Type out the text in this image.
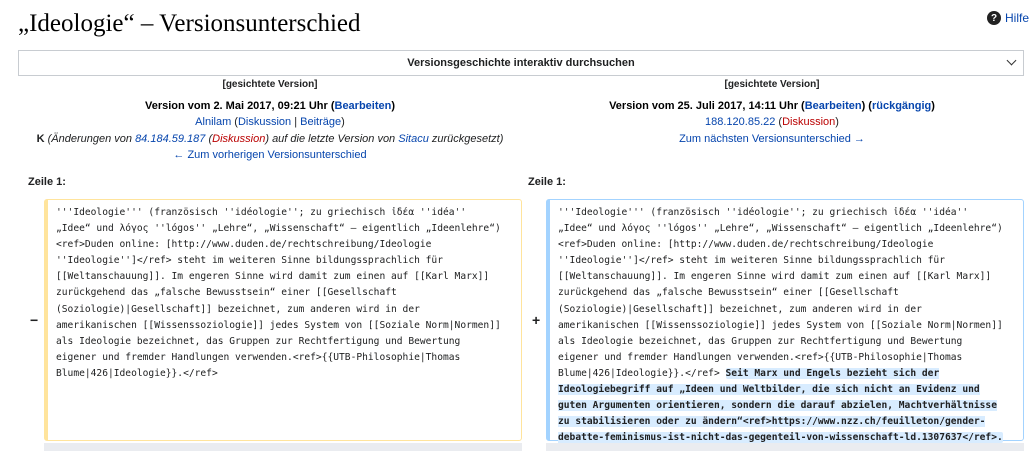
„Ideologie“ – Versionsunterschied	? Hilfe
Versionsgeschichte interaktiv durchsuchen
[gesichtete Version]
Version vom 2. Mai 2017, 09:21 Uhr (Bearbeiten)
Alnilam (Diskussion | Beiträge)
K (Änderungen von 84.184.59.187 (Diskussion) auf die letzte Version von Sitacu zurückgesetzt)
← Zum vorherigen Versionsunterschied
[gesichtete Version]
Version vom 25. Juli 2017, 14:11 Uhr (Bearbeiten) (rückgängig)
188.120.85.22 (Diskussion)
Zum nächsten Versionsunterschied →
Zeile 1:	Zeile 1:
−	+
'''Ideologie''' (französisch ''idéologie''; zu griechisch ἰδέα ''idéa''
„Idee“ und λόγος ''lógos'' „Lehre“, „Wissenschaft“ – eigentlich „Ideenlehre“)
<ref>Duden online: [http://www.duden.de/rechtschreibung/Ideologie
''Ideologie'']</ref> steht im weiteren Sinne bildungssprachlich für
[[Weltanschauung]]. Im engeren Sinne wird damit zum einen auf [[Karl Marx]]
zurückgehend das „falsche Bewusstsein“ einer [[Gesellschaft
(Soziologie)|Gesellschaft]] bezeichnet, zum anderen wird in der
amerikanischen [[Wissenssoziologie]] jedes System von [[Soziale Norm|Normen]]
als Ideologie bezeichnet, das Gruppen zur Rechtfertigung und Bewertung
eigener und fremder Handlungen verwenden.<ref>{{UTB-Philosophie|Thomas
Blume|426|Ideologie}}.</ref>
'''Ideologie''' (französisch ''idéologie''; zu griechisch ἰδέα ''idéa''
„Idee“ und λόγος ''lógos'' „Lehre“, „Wissenschaft“ – eigentlich „Ideenlehre“)
<ref>Duden online: [http://www.duden.de/rechtschreibung/Ideologie
''Ideologie'']</ref> steht im weiteren Sinne bildungssprachlich für
[[Weltanschauung]]. Im engeren Sinne wird damit zum einen auf [[Karl Marx]]
zurückgehend das „falsche Bewusstsein“ einer [[Gesellschaft
(Soziologie)|Gesellschaft]] bezeichnet, zum anderen wird in der
amerikanischen [[Wissenssoziologie]] jedes System von [[Soziale Norm|Normen]]
als Ideologie bezeichnet, das Gruppen zur Rechtfertigung und Bewertung
eigener und fremder Handlungen verwenden.<ref>{{UTB-Philosophie|Thomas
Blume|426|Ideologie}}.</ref> Seit Marx und Engels bezieht sich der
Ideologiebegriff auf „Ideen und Weltbilder, die sich nicht an Evidenz und
guten Argumenten orientieren, sondern die darauf abzielen, Machtverhältnisse
zu stabilisieren oder zu ändern“<ref>https://www.nzz.ch/feuilleton/gender-
debatte-feminismus-ist-nicht-das-gegenteil-von-wissenschaft-ld.1307637</ref>.
